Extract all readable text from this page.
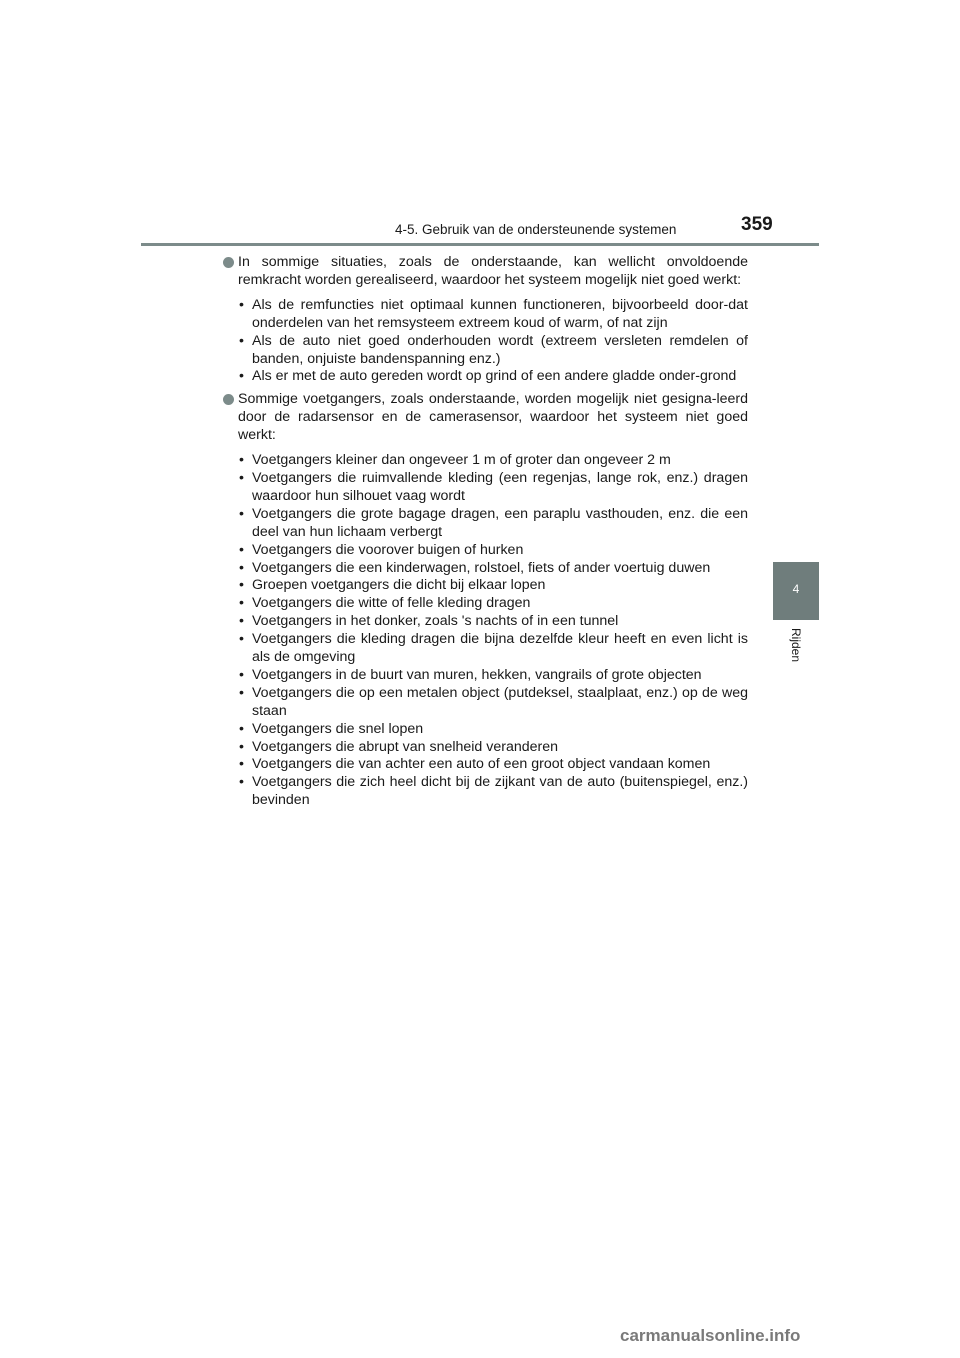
4-5. Gebruik van de ondersteunende systemen	359
4
Rijden
In sommige situaties, zoals de onderstaande, kan wellicht onvoldoende remkracht worden gerealiseerd, waardoor het systeem mogelijk niet goed werkt:
• Als de remfuncties niet optimaal kunnen functioneren, bijvoorbeeld door-dat onderdelen van het remsysteem extreem koud of warm, of nat zijn
• Als de auto niet goed onderhouden wordt (extreem versleten remdelen of banden, onjuiste bandenspanning enz.)
• Als er met de auto gereden wordt op grind of een andere gladde onder-grond
Sommige voetgangers, zoals onderstaande, worden mogelijk niet gesigna-leerd door de radarsensor en de camerasensor, waardoor het systeem niet goed werkt:
• Voetgangers kleiner dan ongeveer 1 m of groter dan ongeveer 2 m
• Voetgangers die ruimvallende kleding (een regenjas, lange rok, enz.) dragen waardoor hun silhouet vaag wordt
• Voetgangers die grote bagage dragen, een paraplu vasthouden, enz. die een deel van hun lichaam verbergt
• Voetgangers die voorover buigen of hurken
• Voetgangers die een kinderwagen, rolstoel, fiets of ander voertuig duwen
• Groepen voetgangers die dicht bij elkaar lopen
• Voetgangers die witte of felle kleding dragen
• Voetgangers in het donker, zoals 's nachts of in een tunnel
• Voetgangers die kleding dragen die bijna dezelfde kleur heeft en even licht is als de omgeving
• Voetgangers in de buurt van muren, hekken, vangrails of grote objecten
• Voetgangers die op een metalen object (putdeksel, staalplaat, enz.) op de weg staan
• Voetgangers die snel lopen
• Voetgangers die abrupt van snelheid veranderen
• Voetgangers die van achter een auto of een groot object vandaan komen
• Voetgangers die zich heel dicht bij de zijkant van de auto (buitenspiegel, enz.) bevinden
carmanualsonline.info
